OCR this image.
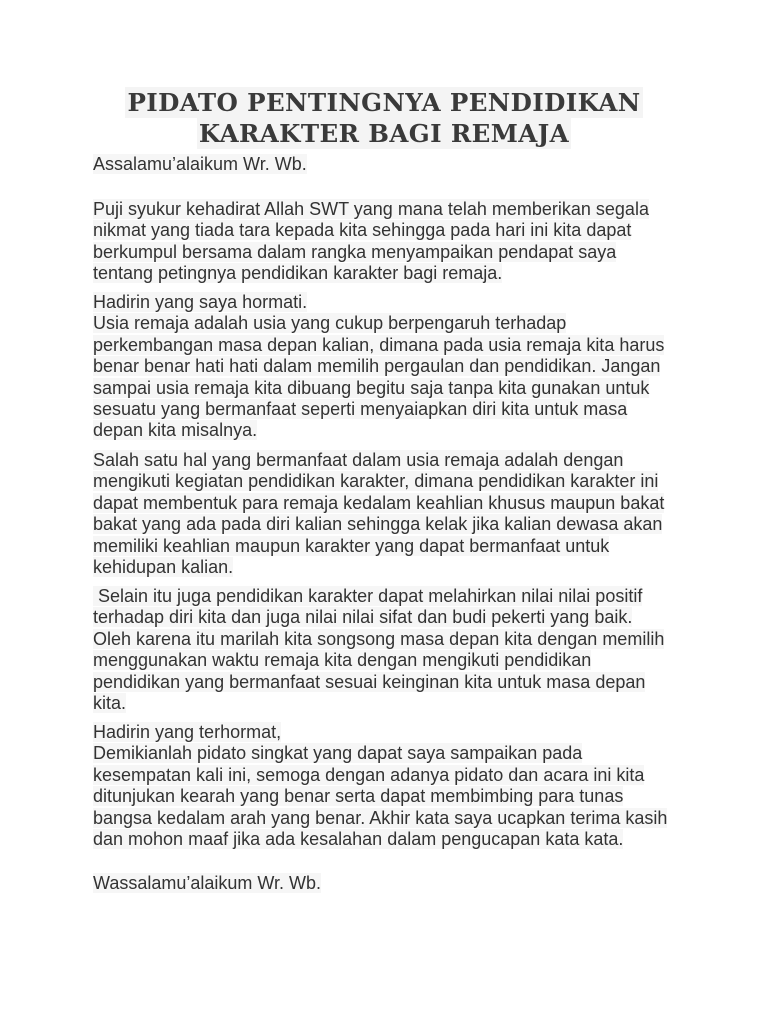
PIDATO PENTINGNYA PENDIDIKAN
KARAKTER BAGI REMAJA
Assalamu’alaikum Wr. Wb.
Puji syukur kehadirat Allah SWT yang mana telah memberikan segala
nikmat yang tiada tara kepada kita sehingga pada hari ini kita dapat
berkumpul bersama dalam rangka menyampaikan pendapat saya
tentang petingnya pendidikan karakter bagi remaja.
Hadirin yang saya hormati.
Usia remaja adalah usia yang cukup berpengaruh terhadap
perkembangan masa depan kalian, dimana pada usia remaja kita harus
benar benar hati hati dalam memilih pergaulan dan pendidikan. Jangan
sampai usia remaja kita dibuang begitu saja tanpa kita gunakan untuk
sesuatu yang bermanfaat seperti menyaiapkan diri kita untuk masa
depan kita misalnya.
Salah satu hal yang bermanfaat dalam usia remaja adalah dengan
mengikuti kegiatan pendidikan karakter, dimana pendidikan karakter ini
dapat membentuk para remaja kedalam keahlian khusus maupun bakat
bakat yang ada pada diri kalian sehingga kelak jika kalian dewasa akan
memiliki keahlian maupun karakter yang dapat bermanfaat untuk
kehidupan kalian.
Selain itu juga pendidikan karakter dapat melahirkan nilai nilai positif
terhadap diri kita dan juga nilai nilai sifat dan budi pekerti yang baik.
Oleh karena itu marilah kita songsong masa depan kita dengan memilih
menggunakan waktu remaja kita dengan mengikuti pendidikan
pendidikan yang bermanfaat sesuai keinginan kita untuk masa depan
kita.
Hadirin yang terhormat,
Demikianlah pidato singkat yang dapat saya sampaikan pada
kesempatan kali ini, semoga dengan adanya pidato dan acara ini kita
ditunjukan kearah yang benar serta dapat membimbing para tunas
bangsa kedalam arah yang benar. Akhir kata saya ucapkan terima kasih
dan mohon maaf jika ada kesalahan dalam pengucapan kata kata.
Wassalamu’alaikum Wr. Wb.
